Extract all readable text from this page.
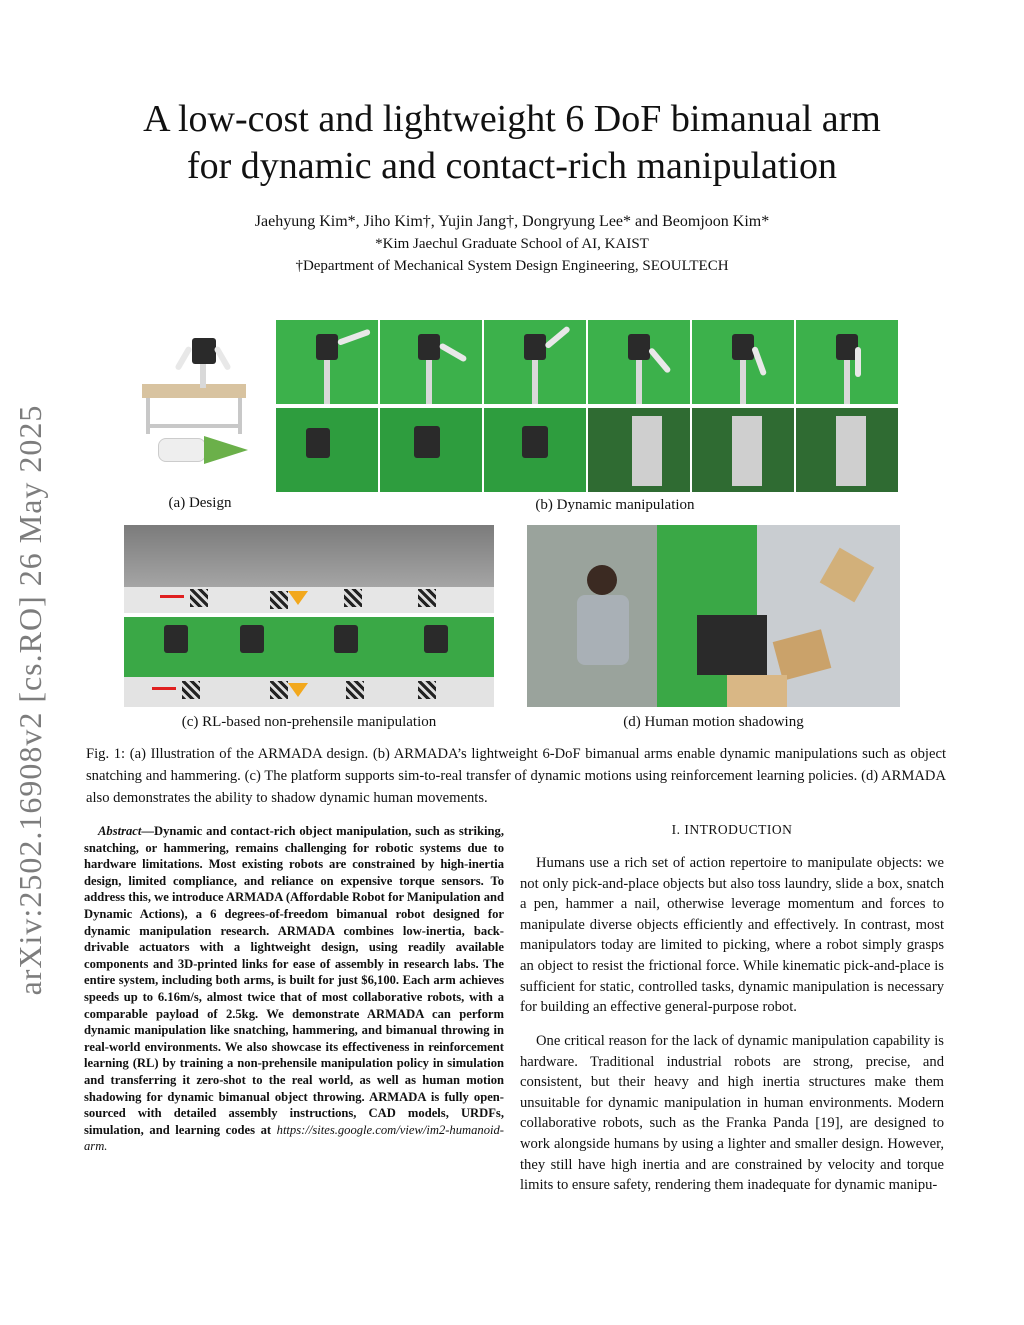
arXiv:2502.16908v2 [cs.RO] 26 May 2025
A low-cost and lightweight 6 DoF bimanual arm
for dynamic and contact-rich manipulation
Jaehyung Kim*, Jiho Kim†, Yujin Jang†, Dongryung Lee* and Beomjoon Kim*
*Kim Jaechul Graduate School of AI, KAIST
†Department of Mechanical System Design Engineering, SEOULTECH
(a) Design	(b) Dynamic manipulation
(c) RL-based non-prehensile manipulation	(d) Human motion shadowing
Fig. 1: (a) Illustration of the ARMADA design. (b) ARMADA’s lightweight 6-DoF bimanual arms enable dynamic manipulations such as object snatching and hammering. (c) The platform supports sim-to-real transfer of dynamic motions using reinforcement learning policies. (d) ARMADA also demonstrates the ability to shadow dynamic human movements.
Abstract—Dynamic and contact-rich object manipulation, such as striking, snatching, or hammering, remains challenging for robotic systems due to hardware limitations. Most existing robots are constrained by high-inertia design, limited compliance, and reliance on expensive torque sensors. To address this, we introduce ARMADA (Affordable Robot for Manipulation and Dynamic Actions), a 6 degrees-of-freedom bimanual robot designed for dynamic manipulation research. ARMADA combines low-inertia, back-drivable actuators with a lightweight design, using readily available components and 3D-printed links for ease of assembly in research labs. The entire system, including both arms, is built for just $6,100. Each arm achieves speeds up to 6.16m/s, almost twice that of most collaborative robots, with a comparable payload of 2.5kg. We demonstrate ARMADA can perform dynamic manipulation like snatching, hammering, and bimanual throwing in real-world environments. We also showcase its effectiveness in reinforcement learning (RL) by training a non-prehensile manipulation policy in simulation and transferring it zero-shot to the real world, as well as human motion shadowing for dynamic bimanual object throwing. ARMADA is fully open-sourced with detailed assembly instructions, CAD models, URDFs, simulation, and learning codes at https://sites.google.com/view/im2-humanoid-arm.
I. INTRODUCTION

Humans use a rich set of action repertoire to manipulate objects: we not only pick-and-place objects but also toss laundry, slide a box, snatch a pen, hammer a nail, otherwise leverage momentum and forces to manipulate diverse objects efficiently and effectively. In contrast, most manipulators today are limited to picking, where a robot simply grasps an object to resist the frictional force. While kinematic pick-and-place is sufficient for static, controlled tasks, dynamic manipulation is necessary for building an effective general-purpose robot.

One critical reason for the lack of dynamic manipulation capability is hardware. Traditional industrial robots are strong, precise, and consistent, but their heavy and high inertia structures make them unsuitable for dynamic manipulation in human environments. Modern collaborative robots, such as the Franka Panda [19], are designed to work alongside humans by using a lighter and smaller design. However, they still have high inertia and are constrained by velocity and torque limits to ensure safety, rendering them inadequate for dynamic manipu-
